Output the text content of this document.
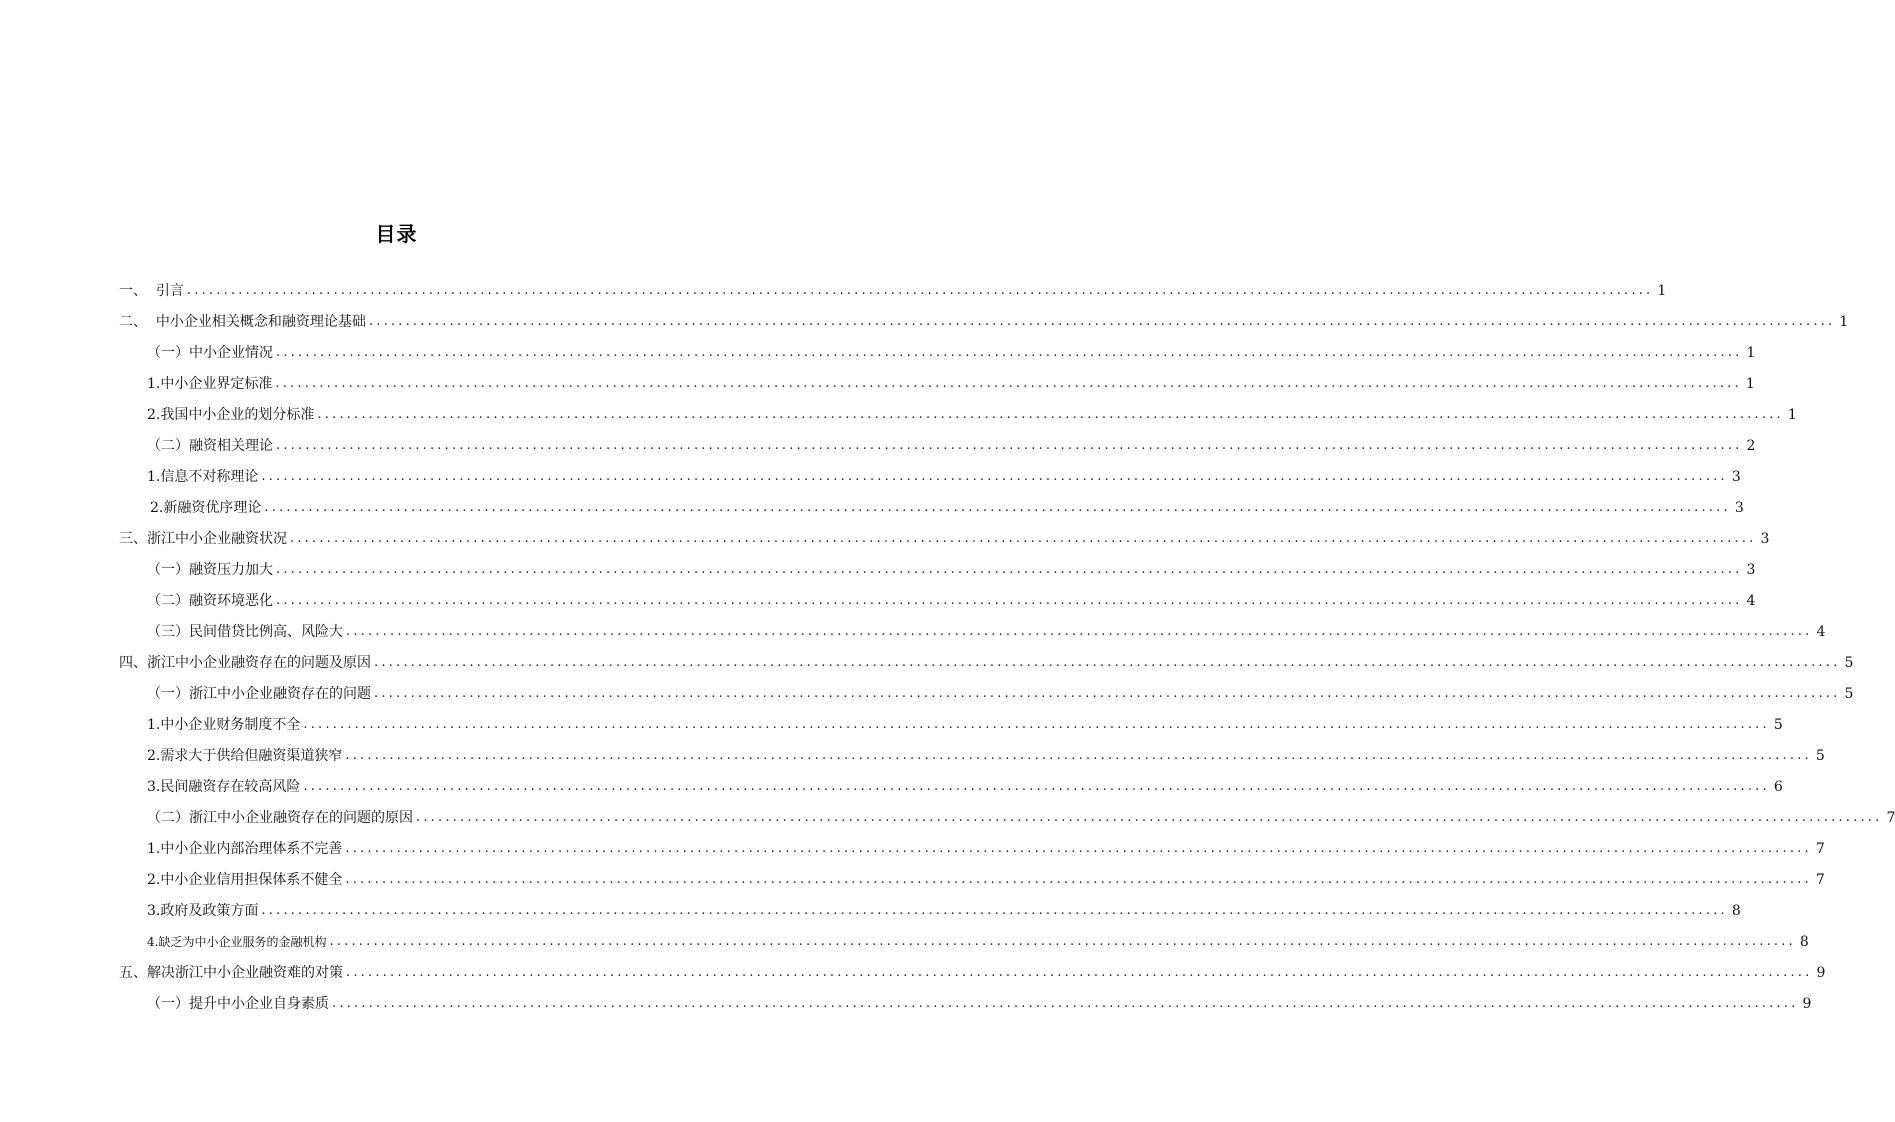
目录
一、  引言 ........................................................................................................................................................................................................ 1
二、  中小企业相关概念和融资理论基础 ........................................................................................................................................................................................................ 1
（一）中小企业情况 ........................................................................................................................................................................................................ 1
1.中小企业界定标准 ........................................................................................................................................................................................................ 1
2.我国中小企业的划分标准 ........................................................................................................................................................................................................ 1
（二）融资相关理论 ........................................................................................................................................................................................................ 2
1.信息不对称理论 ........................................................................................................................................................................................................ 3
2.新融资优序理论 ........................................................................................................................................................................................................ 3
三、浙江中小企业融资状况 ........................................................................................................................................................................................................ 3
（一）融资压力加大 ........................................................................................................................................................................................................ 3
（二）融资环境恶化 ........................................................................................................................................................................................................ 4
（三）民间借贷比例高、风险大 ........................................................................................................................................................................................................ 4
四、浙江中小企业融资存在的问题及原因 ........................................................................................................................................................................................................ 5
（一）浙江中小企业融资存在的问题 ........................................................................................................................................................................................................ 5
1.中小企业财务制度不全 ........................................................................................................................................................................................................ 5
2.需求大于供给但融资渠道狭窄 ........................................................................................................................................................................................................ 5
3.民间融资存在较高风险 ........................................................................................................................................................................................................ 6
（二）浙江中小企业融资存在的问题的原因 ........................................................................................................................................................................................................ 7
1.中小企业内部治理体系不完善 ........................................................................................................................................................................................................ 7
2.中小企业信用担保体系不健全 ........................................................................................................................................................................................................ 7
3.政府及政策方面 ........................................................................................................................................................................................................ 8
4.缺乏为中小企业服务的金融机构 ........................................................................................................................................................................................................ 8
五、解决浙江中小企业融资难的对策 ........................................................................................................................................................................................................ 9
（一）提升中小企业自身素质 ........................................................................................................................................................................................................ 9
